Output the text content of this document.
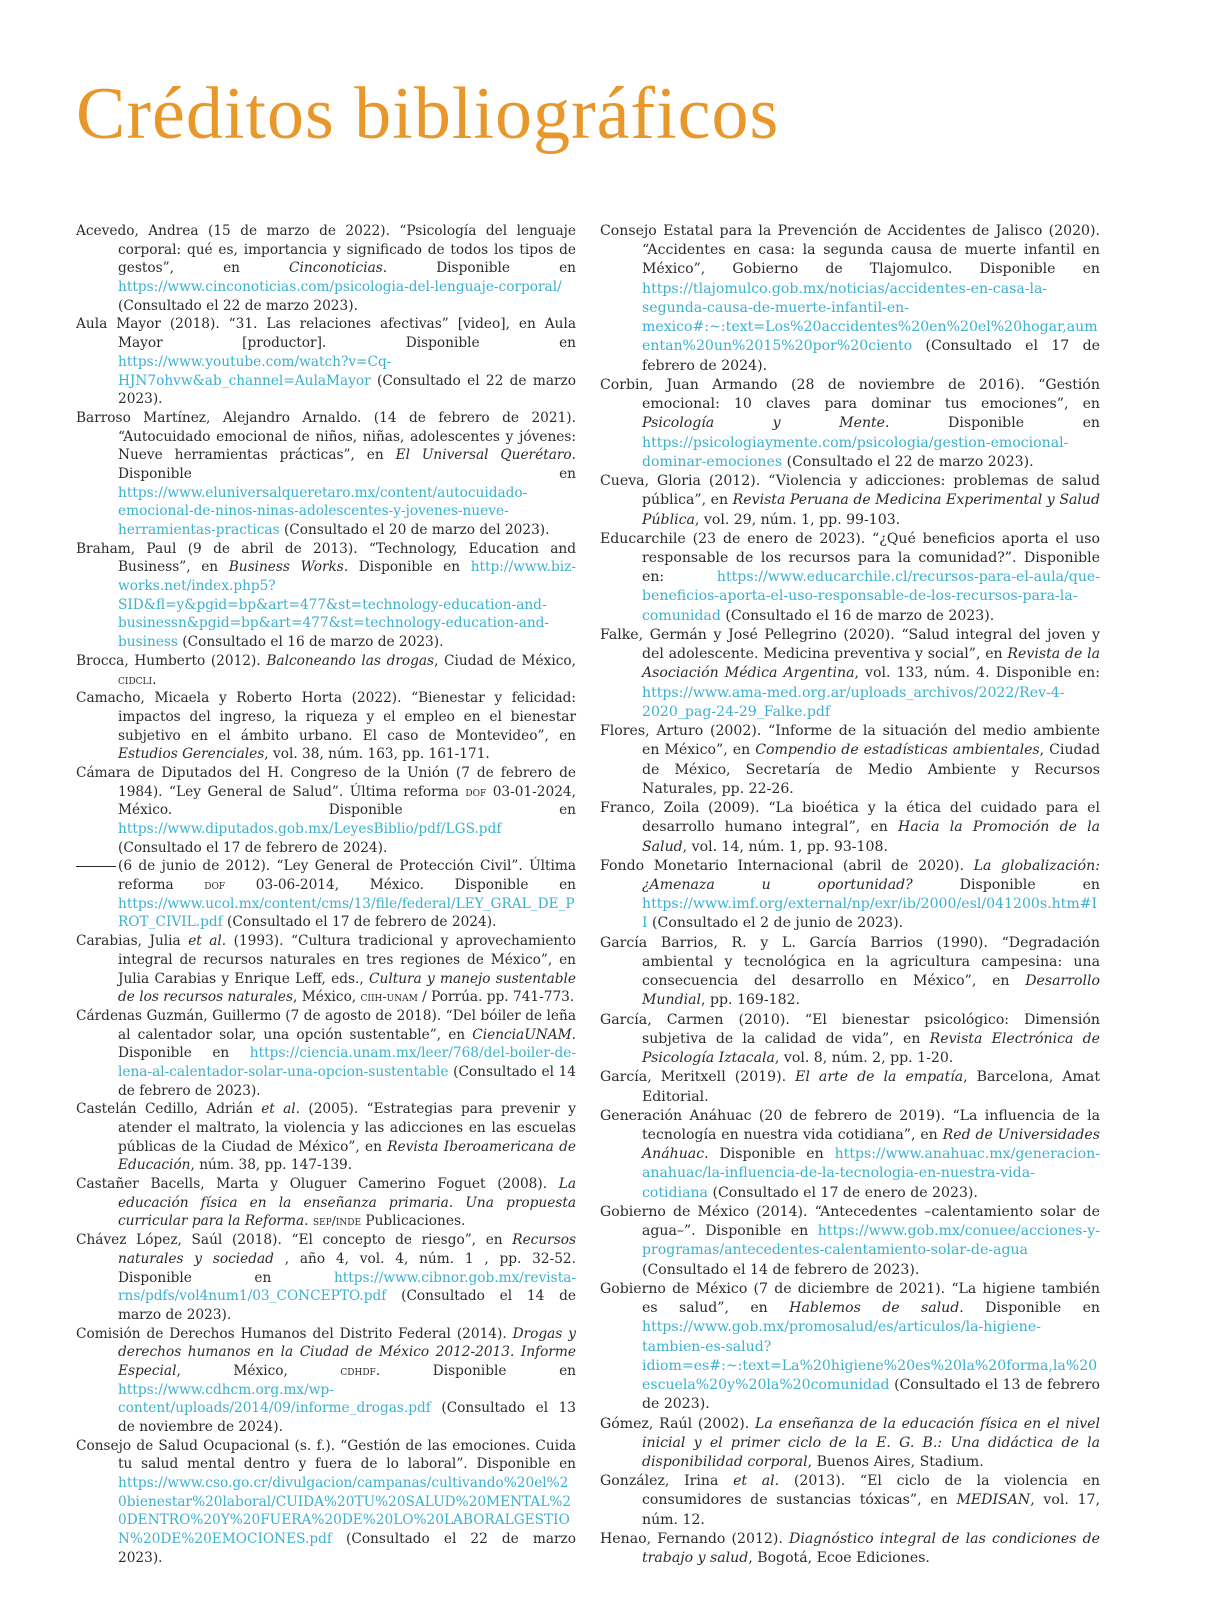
Créditos bibliográficos

Acevedo, Andrea (15 de marzo de 2022). “Psicología del lenguaje corporal: qué es, importancia y significado de todos los tipos de gestos”, en Cinconoticias. Disponible en https://www.cinconoticias.com/psicologia-del-lenguaje-corporal/ (Consultado el 22 de marzo 2023).

Aula Mayor (2018). “31. Las relaciones afectivas” [video], en Aula Mayor [productor]. Disponible en https://www.youtube.com/watch?v=Cq-HJN7ohvw&ab_channel=AulaMayor (Consultado el 22 de marzo 2023).

Barroso Martínez, Alejandro Arnaldo. (14 de febrero de 2021). “Autocuidado emocional de niños, niñas, adolescentes y jóvenes: Nueve herramientas prácticas”, en El Universal Querétaro. Disponible en https://www.eluniversalqueretaro.mx/content/autocuidado-emocional-de-ninos-ninas-adolescentes-y-jovenes-nueve-herramientas-practicas (Consultado el 20 de marzo del 2023).

Braham, Paul (9 de abril de 2013). “Technology, Education and Business”, en Business Works. Disponible en http://www.biz-works.net/index.php5?SID&fl=y&pgid=bp&art=477&st=technology-education-and-businessn&pgid=bp&art=477&st=technology-education-and-business (Consultado el 16 de marzo de 2023).

Brocca, Humberto (2012). Balconeando las drogas, Ciudad de México, cidcli.

Camacho, Micaela y Roberto Horta (2022). “Bienestar y felicidad: impactos del ingreso, la riqueza y el empleo en el bienestar subjetivo en el ámbito urbano. El caso de Montevideo”, en Estudios Gerenciales, vol. 38, núm. 163, pp. 161-171.

Cámara de Diputados del H. Congreso de la Unión (7 de febrero de 1984). “Ley General de Salud”. Última reforma dof 03-01-2024, México. Disponible en https://www.diputados.gob.mx/LeyesBiblio/pdf/LGS.pdf (Consultado el 17 de febrero de 2024).

(6 de junio de 2012). “Ley General de Protección Civil”. Última reforma dof 03-06-2014, México. Disponible en https://www.ucol.mx/content/cms/13/file/federal/LEY_GRAL_DE_PROT_CIVIL.pdf (Consultado el 17 de febrero de 2024).

Carabias, Julia et al. (1993). “Cultura tradicional y aprovechamiento integral de recursos naturales en tres regiones de México”, en Julia Carabias y Enrique Leff, eds., Cultura y manejo sustentable de los recursos naturales, México, ciih-unam / Porrúa. pp. 741-773.

Cárdenas Guzmán, Guillermo (7 de agosto de 2018). “Del bóiler de leña al calentador solar, una opción sustentable”, en CienciaUNAM. Disponible en https://ciencia.unam.mx/leer/768/del-boiler-de-lena-al-calentador-solar-una-opcion-sustentable (Consultado el 14 de febrero de 2023).

Castelán Cedillo, Adrián et al. (2005). “Estrategias para prevenir y atender el maltrato, la violencia y las adicciones en las escuelas públicas de la Ciudad de México”, en Revista Iberoamericana de Educación, núm. 38, pp. 147-139.

Castañer Bacells, Marta y Oluguer Camerino Foguet (2008). La educación física en la enseñanza primaria. Una propuesta curricular para la Reforma. sep/inde Publicaciones.

Chávez López, Saúl (2018). “El concepto de riesgo”, en Recursos naturales y sociedad , año 4, vol. 4, núm. 1 , pp. 32-52. Disponible en https://www.cibnor.gob.mx/revista-rns/pdfs/vol4num1/03_CONCEPTO.pdf (Consultado el 14 de marzo de 2023).

Comisión de Derechos Humanos del Distrito Federal (2014). Drogas y derechos humanos en la Ciudad de México 2012-2013. Informe Especial, México, cdhdf. Disponible en https://www.cdhcm.org.mx/wp-content/uploads/2014/09/informe_drogas.pdf (Consultado el 13 de noviembre de 2024).

Consejo de Salud Ocupacional (s. f.). “Gestión de las emociones. Cuida tu salud mental dentro y fuera de lo laboral”. Disponible en https://www.cso.go.cr/divulgacion/campanas/cultivando%20el%20bienestar%20laboral/CUIDA%20TU%20SALUD%20MENTAL%20DENTRO%20Y%20FUERA%20DE%20LO%20LABORALGESTION%20DE%20EMOCIONES.pdf (Consultado el 22 de marzo 2023).

Consejo Estatal para la Prevención de Accidentes de Jalisco (2020). “Accidentes en casa: la segunda causa de muerte infantil en México”, Gobierno de Tlajomulco. Disponible en https://tlajomulco.gob.mx/noticias/accidentes-en-casa-la-segunda-causa-de-muerte-infantil-en-mexico#:~:text=Los%20accidentes%20en%20el%20hogar,aumentan%20un%2015%20por%20ciento (Consultado el 17 de febrero de 2024).

Corbin, Juan Armando (28 de noviembre de 2016). “Gestión emocional: 10 claves para dominar tus emociones”, en Psicología y Mente. Disponible en https://psicologiaymente.com/psicologia/gestion-emocional-dominar-emociones (Consultado el 22 de marzo 2023).

Cueva, Gloria (2012). “Violencia y adicciones: problemas de salud pública”, en Revista Peruana de Medicina Experimental y Salud Pública, vol. 29, núm. 1, pp. 99-103.

Educarchile (23 de enero de 2023). “¿Qué beneficios aporta el uso responsable de los recursos para la comunidad?”. Disponible en: https://www.educarchile.cl/recursos-para-el-aula/que-beneficios-aporta-el-uso-responsable-de-los-recursos-para-la-comunidad (Consultado el 16 de marzo de 2023).

Falke, Germán y José Pellegrino (2020). “Salud integral del joven y del adolescente. Medicina preventiva y social”, en Revista de la Asociación Médica Argentina, vol. 133, núm. 4. Disponible en: https://www.ama-med.org.ar/uploads_archivos/2022/Rev-4-2020_pag-24-29_Falke.pdf

Flores, Arturo (2002). “Informe de la situación del medio ambiente en México”, en Compendio de estadísticas ambientales, Ciudad de México, Secretaría de Medio Ambiente y Recursos Naturales, pp. 22-26.

Franco, Zoila (2009). “La bioética y la ética del cuidado para el desarrollo humano integral”, en Hacia la Promoción de la Salud, vol. 14, núm. 1, pp. 93-108.

Fondo Monetario Internacional (abril de 2020). La globalización: ¿Amenaza u oportunidad? Disponible en https://www.imf.org/external/np/exr/ib/2000/esl/041200s.htm#II (Consultado el 2 de junio de 2023).

García Barrios, R. y L. García Barrios (1990). “Degradación ambiental y tecnológica en la agricultura campesina: una consecuencia del desarrollo en México”, en Desarrollo Mundial, pp. 169-182.

García, Carmen (2010). “El bienestar psicológico: Dimensión subjetiva de la calidad de vida”, en Revista Electrónica de Psicología Iztacala, vol. 8, núm. 2, pp. 1-20.

García, Meritxell (2019). El arte de la empatía, Barcelona, Amat Editorial.

Generación Anáhuac (20 de febrero de 2019). “La influencia de la tecnología en nuestra vida cotidiana”, en Red de Universidades Anáhuac. Disponible en https://www.anahuac.mx/generacion-anahuac/la-influencia-de-la-tecnologia-en-nuestra-vida-cotidiana (Consultado el 17 de enero de 2023).

Gobierno de México (2014). “Antecedentes –calentamiento solar de agua–”. Disponible en https://www.gob.mx/conuee/acciones-y-programas/antecedentes-calentamiento-solar-de-agua (Consultado el 14 de febrero de 2023).

Gobierno de México (7 de diciembre de 2021). “La higiene también es salud”, en Hablemos de salud. Disponible en https://www.gob.mx/promosalud/es/articulos/la-higiene-tambien-es-salud?idiom=es#:~:text=La%20higiene%20es%20la%20forma,la%20escuela%20y%20la%20comunidad (Consultado el 13 de febrero de 2023).

Gómez, Raúl (2002). La enseñanza de la educación física en el nivel inicial y el primer ciclo de la E. G. B.: Una didáctica de la disponibilidad corporal, Buenos Aires, Stadium.

González, Irina et al. (2013). “El ciclo de la violencia en consumidores de sustancias tóxicas”, en MEDISAN, vol. 17, núm. 12.

Henao, Fernando (2012). Diagnóstico integral de las condiciones de trabajo y salud, Bogotá, Ecoe Ediciones.
